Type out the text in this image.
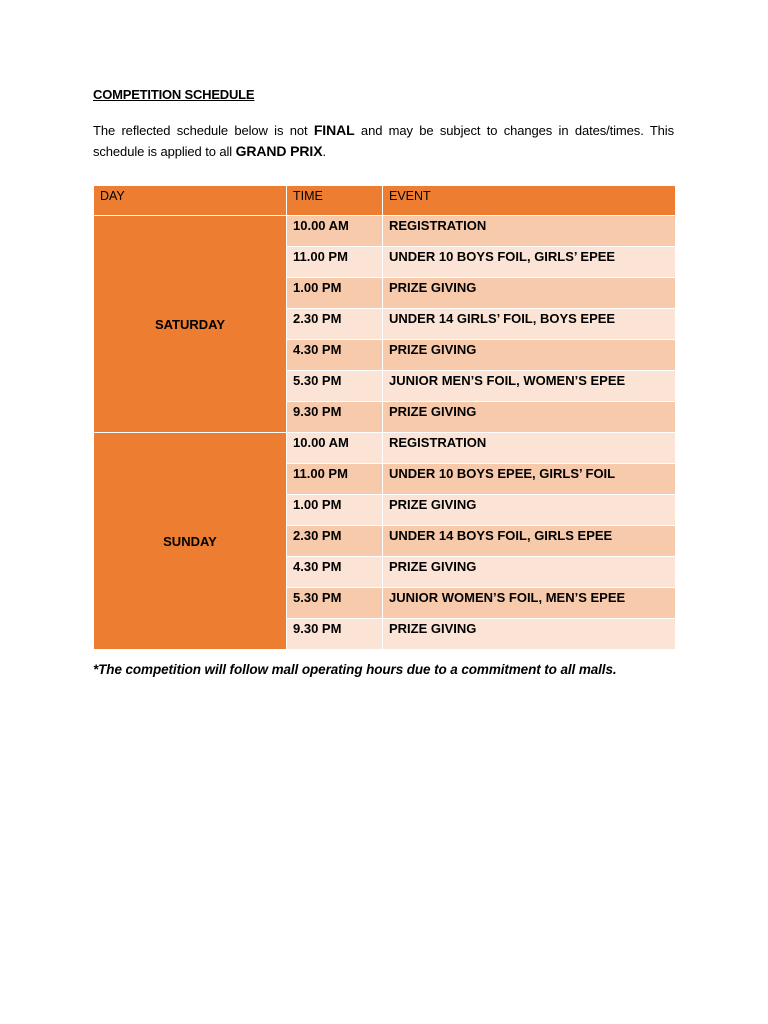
COMPETITION SCHEDULE
The reflected schedule below is not FINAL and may be subject to changes in dates/times. This schedule is applied to all GRAND PRIX.
DAY	TIME	EVENT
SATURDAY	10.00 AM	REGISTRATION
	11.00 PM	UNDER 10 BOYS FOIL, GIRLS’ EPEE
	1.00 PM	PRIZE GIVING
	2.30 PM	UNDER 14 GIRLS’ FOIL, BOYS EPEE
	4.30 PM	PRIZE GIVING
	5.30 PM	JUNIOR MEN’S FOIL, WOMEN’S EPEE
	9.30 PM	PRIZE GIVING
SUNDAY	10.00 AM	REGISTRATION
	11.00 PM	UNDER 10 BOYS EPEE, GIRLS’ FOIL
	1.00 PM	PRIZE GIVING
	2.30 PM	UNDER 14 BOYS FOIL, GIRLS EPEE
	4.30 PM	PRIZE GIVING
	5.30 PM	JUNIOR WOMEN’S FOIL, MEN’S EPEE
	9.30 PM	PRIZE GIVING
*The competition will follow mall operating hours due to a commitment to all malls.
